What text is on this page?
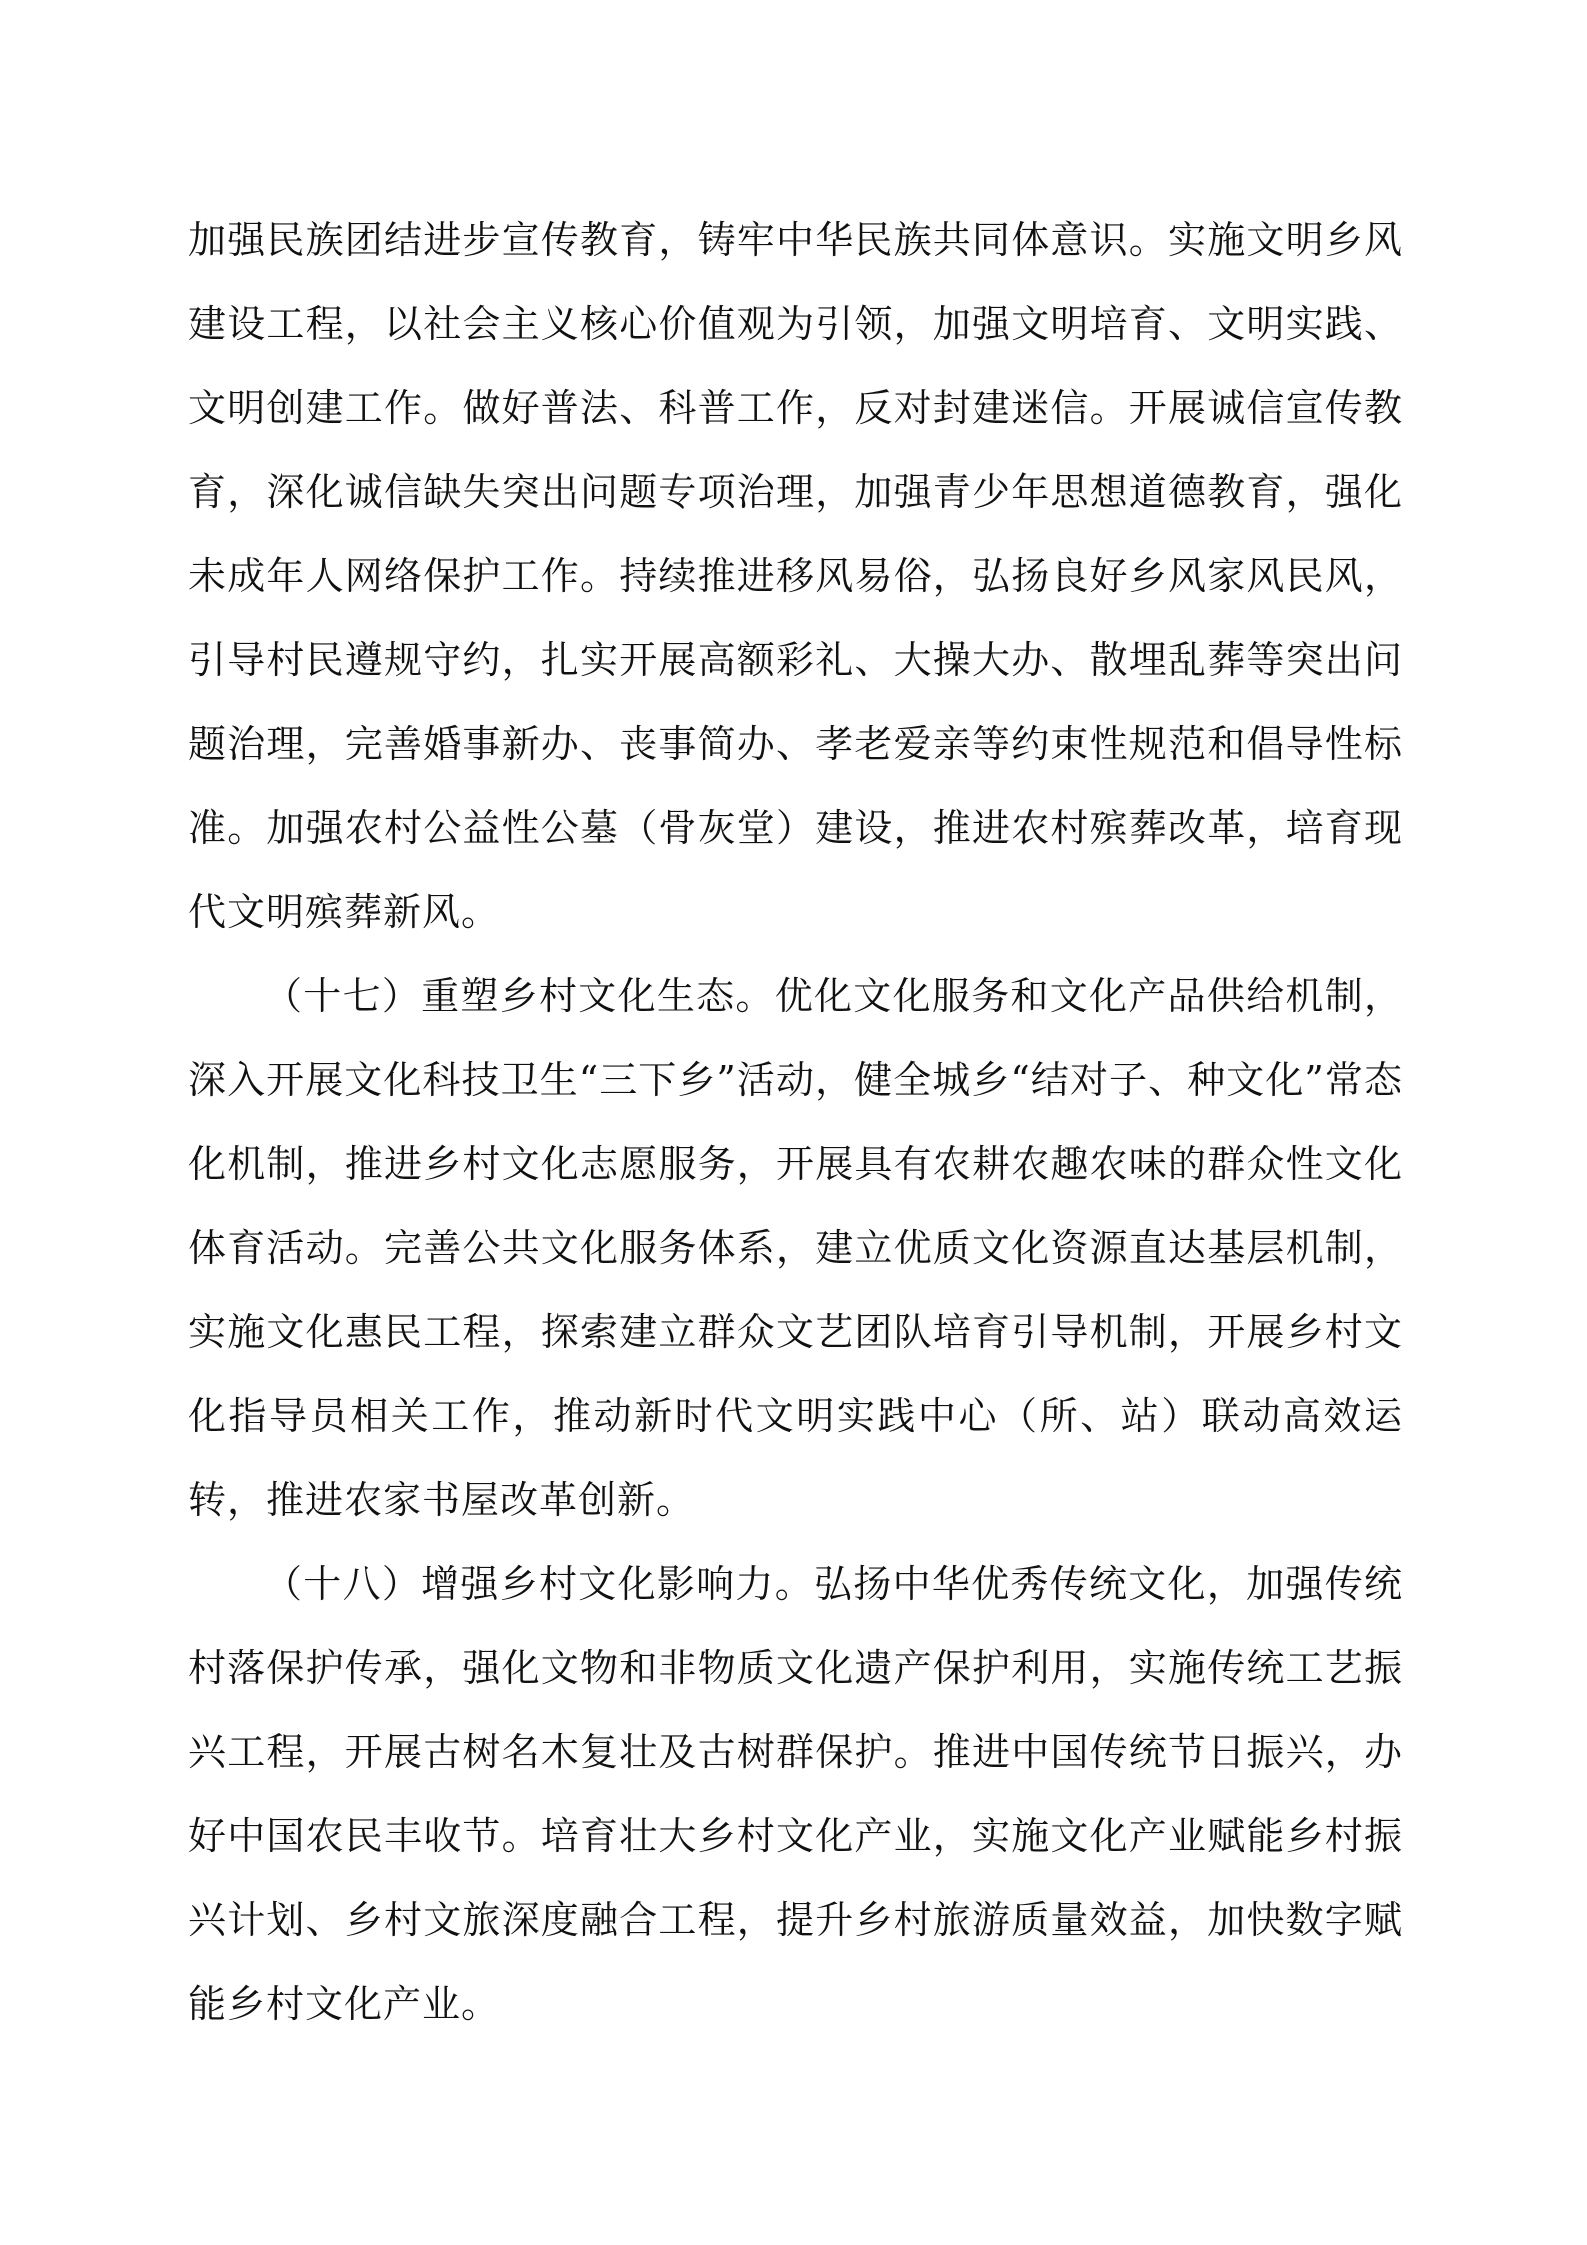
加强民族团结进步宣传教育，铸牢中华民族共同体意识。实施文明乡风建设工程，以社会主义核心价值观为引领，加强文明培育、文明实践、文明创建工作。做好普法、科普工作，反对封建迷信。开展诚信宣传教育，深化诚信缺失突出问题专项治理，加强青少年思想道德教育，强化未成年人网络保护工作。持续推进移风易俗，弘扬良好乡风家风民风，引导村民遵规守约，扎实开展高额彩礼、大操大办、散埋乱葬等突出问题治理，完善婚事新办、丧事简办、孝老爱亲等约束性规范和倡导性标准。加强农村公益性公墓（骨灰堂）建设，推进农村殡葬改革，培育现代文明殡葬新风。

（十七）重塑乡村文化生态。优化文化服务和文化产品供给机制，深入开展文化科技卫生“三下乡”活动，健全城乡“结对子、种文化”常态化机制，推进乡村文化志愿服务，开展具有农耕农趣农味的群众性文化体育活动。完善公共文化服务体系，建立优质文化资源直达基层机制，实施文化惠民工程，探索建立群众文艺团队培育引导机制，开展乡村文化指导员相关工作，推动新时代文明实践中心（所、站）联动高效运转，推进农家书屋改革创新。

（十八）增强乡村文化影响力。弘扬中华优秀传统文化，加强传统村落保护传承，强化文物和非物质文化遗产保护利用，实施传统工艺振兴工程，开展古树名木复壮及古树群保护。推进中国传统节日振兴，办好中国农民丰收节。培育壮大乡村文化产业，实施文化产业赋能乡村振兴计划、乡村文旅深度融合工程，提升乡村旅游质量效益，加快数字赋能乡村文化产业。
